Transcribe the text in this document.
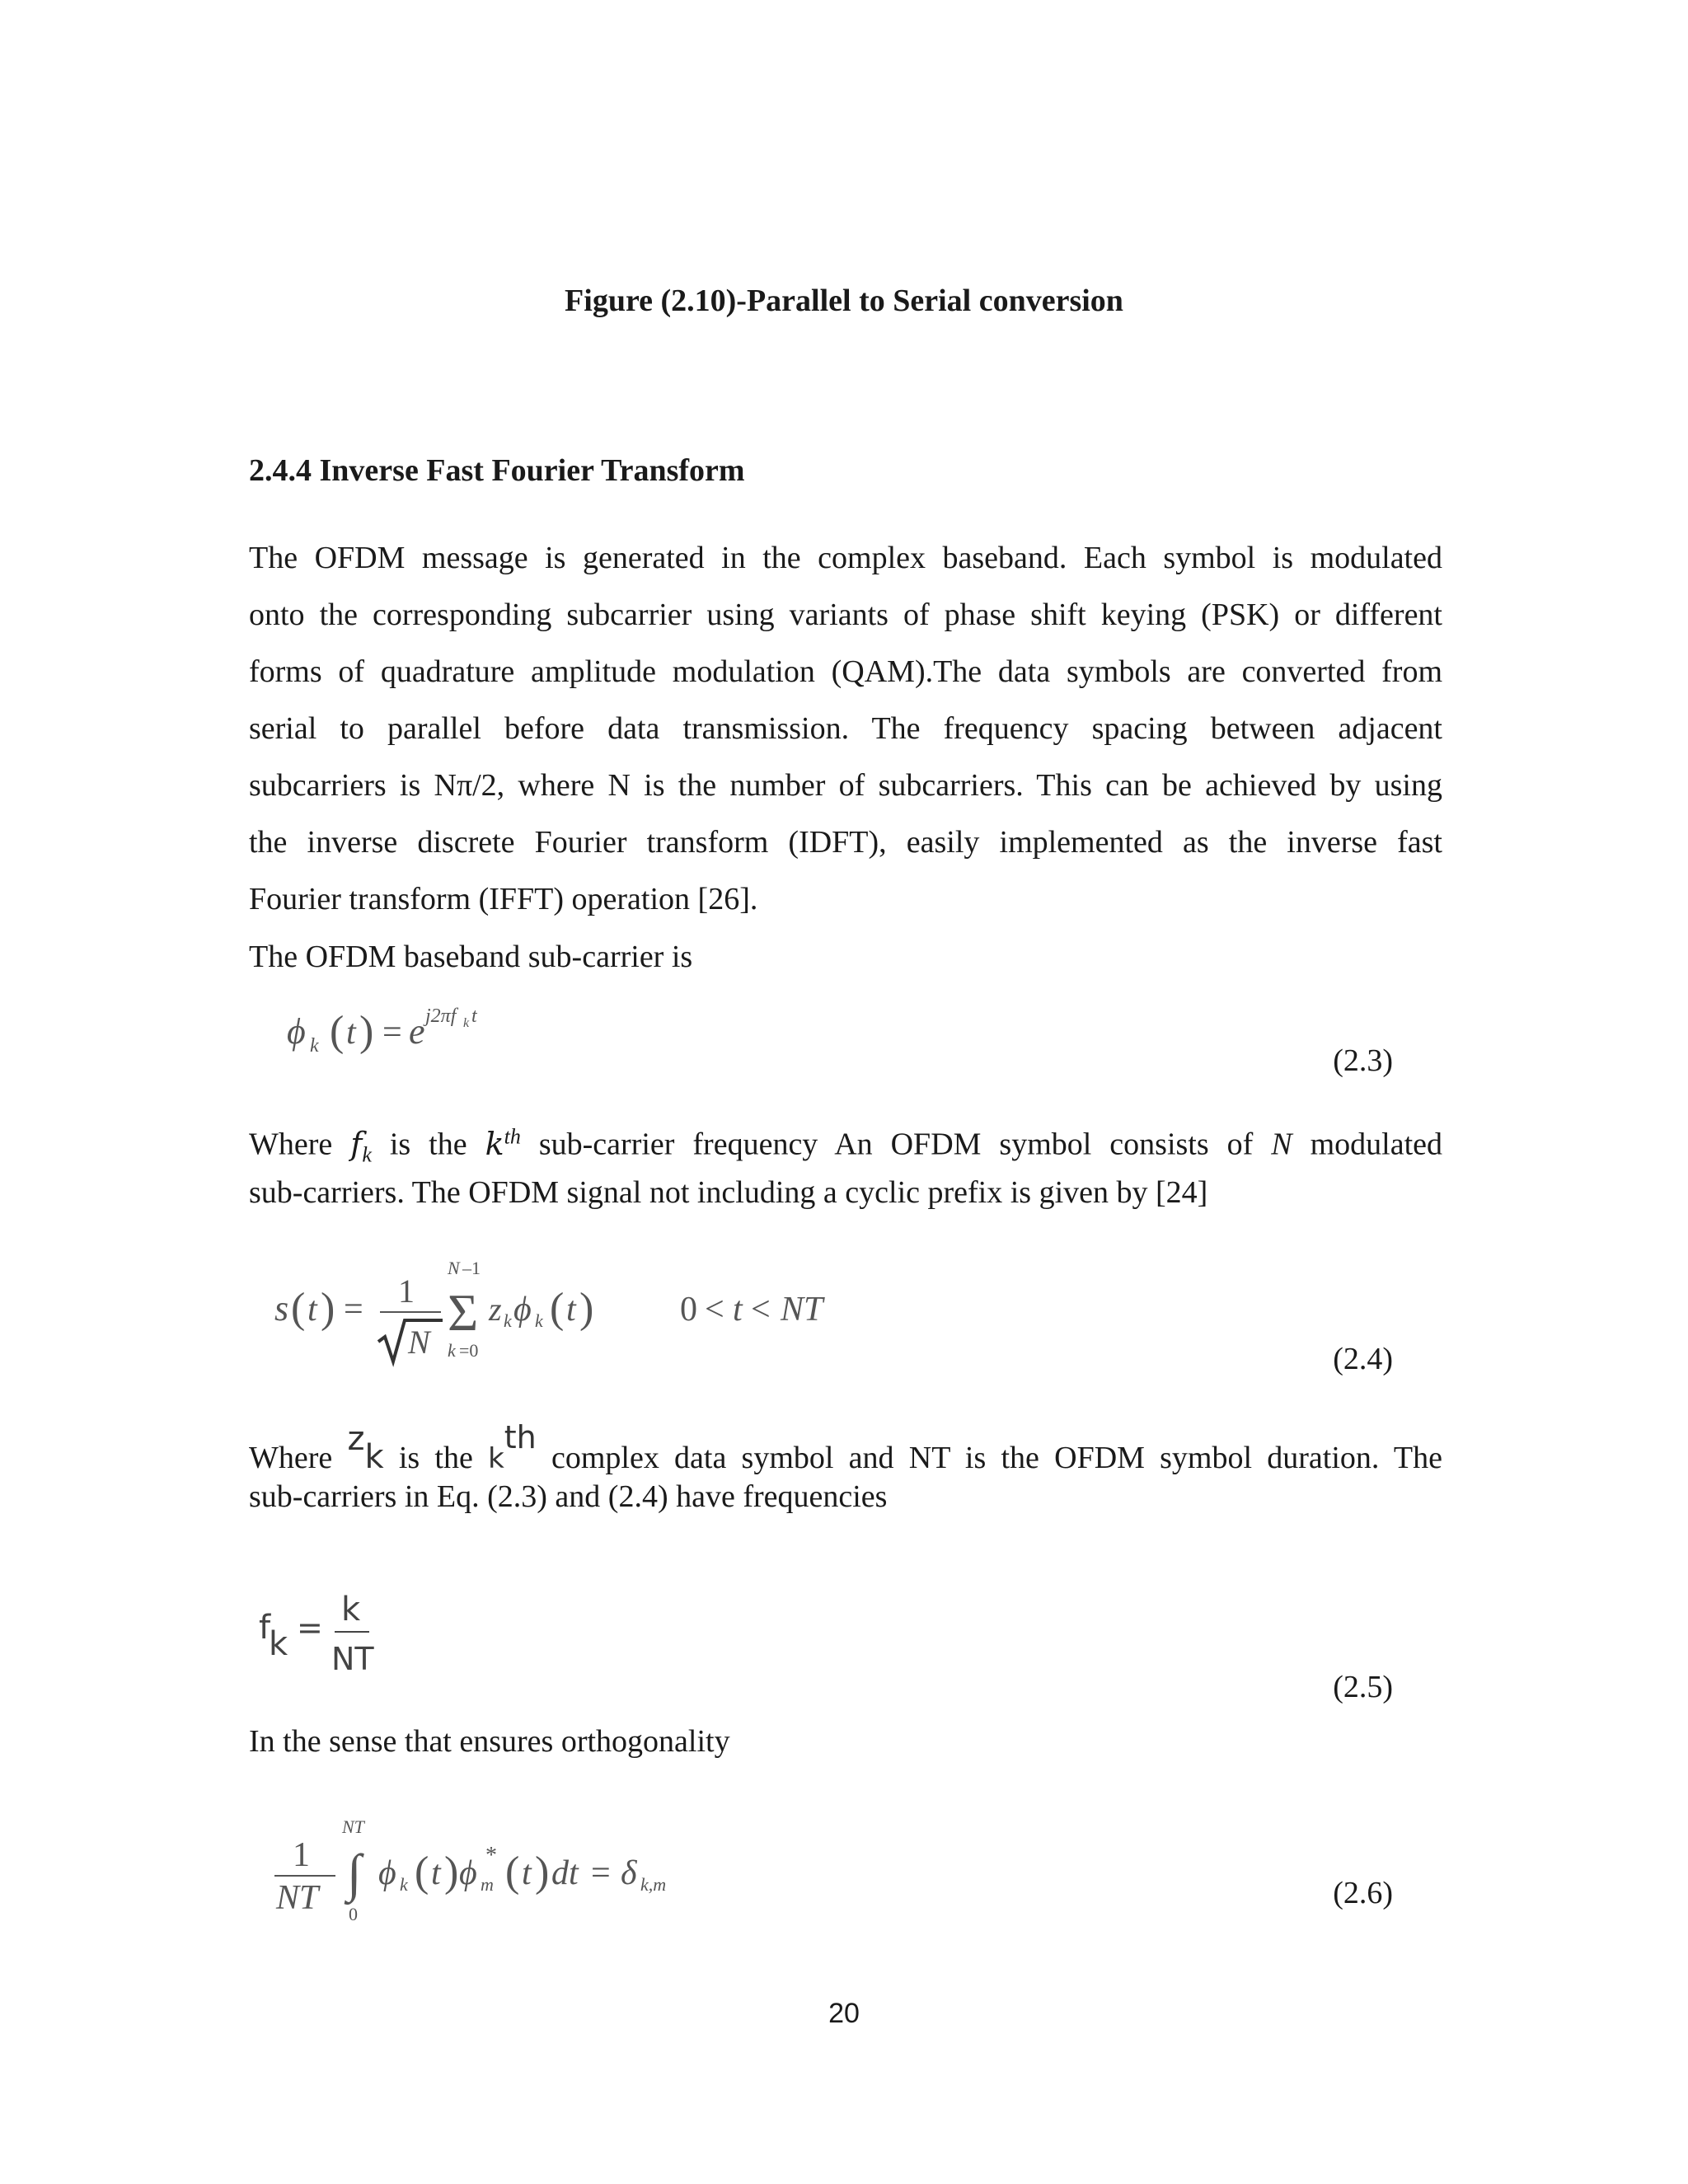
Figure (2.10)-Parallel to Serial conversion
2.4.4 Inverse Fast Fourier Transform
The OFDM message is generated in the complex baseband. Each symbol is modulated
onto the corresponding subcarrier using variants of phase shift keying (PSK) or different
forms of quadrature amplitude modulation (QAM).The data symbols are converted from
serial to parallel before data transmission. The frequency spacing between adjacent
subcarriers is Nπ/2, where N is the number of subcarriers. This can be achieved by using
the inverse discrete Fourier transform (IDFT), easily implemented as the inverse fast
Fourier transform (IFFT) operation [26].
The OFDM baseband sub-carrier is
ϕ k ( t ) = e j2πf k t
(2.3)
Where $f_k$ is the $k^{th}$ sub-carrier frequency An OFDM symbol consists of N modulated
sub-carriers. The OFDM signal not including a cyclic prefix is given by [24]
s ( t ) = 1
N
N –1
Σ
k =0
z k ϕ k ( t ) 0 < t < NT
(2.4)
Where $^z$k is the $k^{th}$ complex data symbol and NT is the OFDM symbol duration. The
sub-carriers in Eq. (2.3) and (2.4) have frequencies
f
k = k
NT
(2.5)
In the sense that ensures orthogonality
1
NT
NT
∫
0
ϕ k ( t ) ϕ m
* ( t ) dt = δ k,m	(2.6)
20
